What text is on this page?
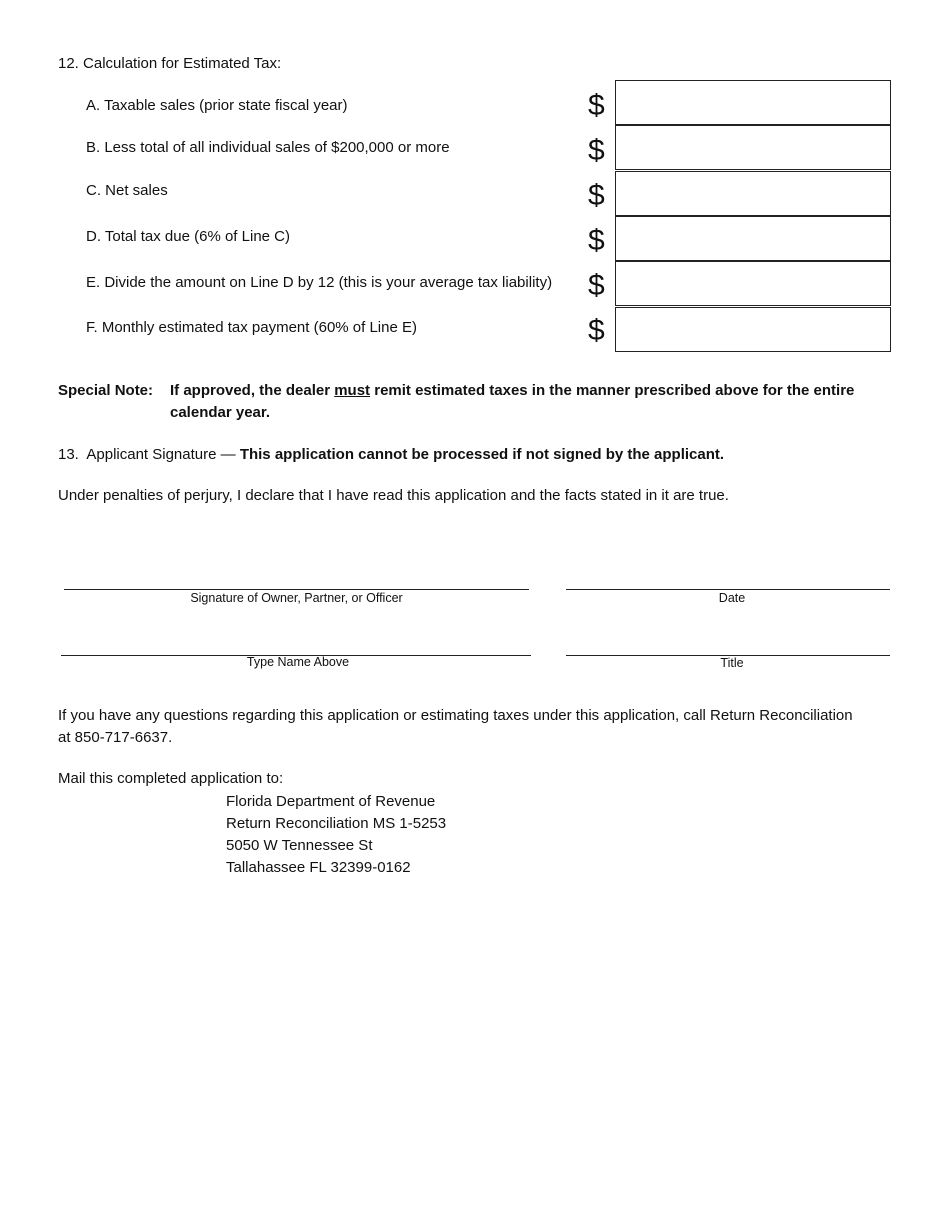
12. Calculation for Estimated Tax:
A. Taxable sales (prior state fiscal year)	$
B. Less total of all individual sales of $200,000 or more	$
C. Net sales	$
D. Total tax due (6% of Line C)	$
E. Divide the amount on Line D by 12 (this is your average tax liability) $
F. Monthly estimated tax payment (60% of Line E)	$
Special Note: If approved, the dealer must remit estimated taxes in the manner prescribed above for the entire
calendar year.
13. Applicant Signature — This application cannot be processed if not signed by the applicant.
Under penalties of perjury, I declare that I have read this application and the facts stated in it are true.
Signature of Owner, Partner, or Officer	Date
Type Name Above	Title
If you have any questions regarding this application or estimating taxes under this application, call Return Reconciliation
at 850-717-6637.
Mail this completed application to:
Florida Department of Revenue
Return Reconciliation MS 1-5253
5050 W Tennessee St
Tallahassee FL 32399-0162
